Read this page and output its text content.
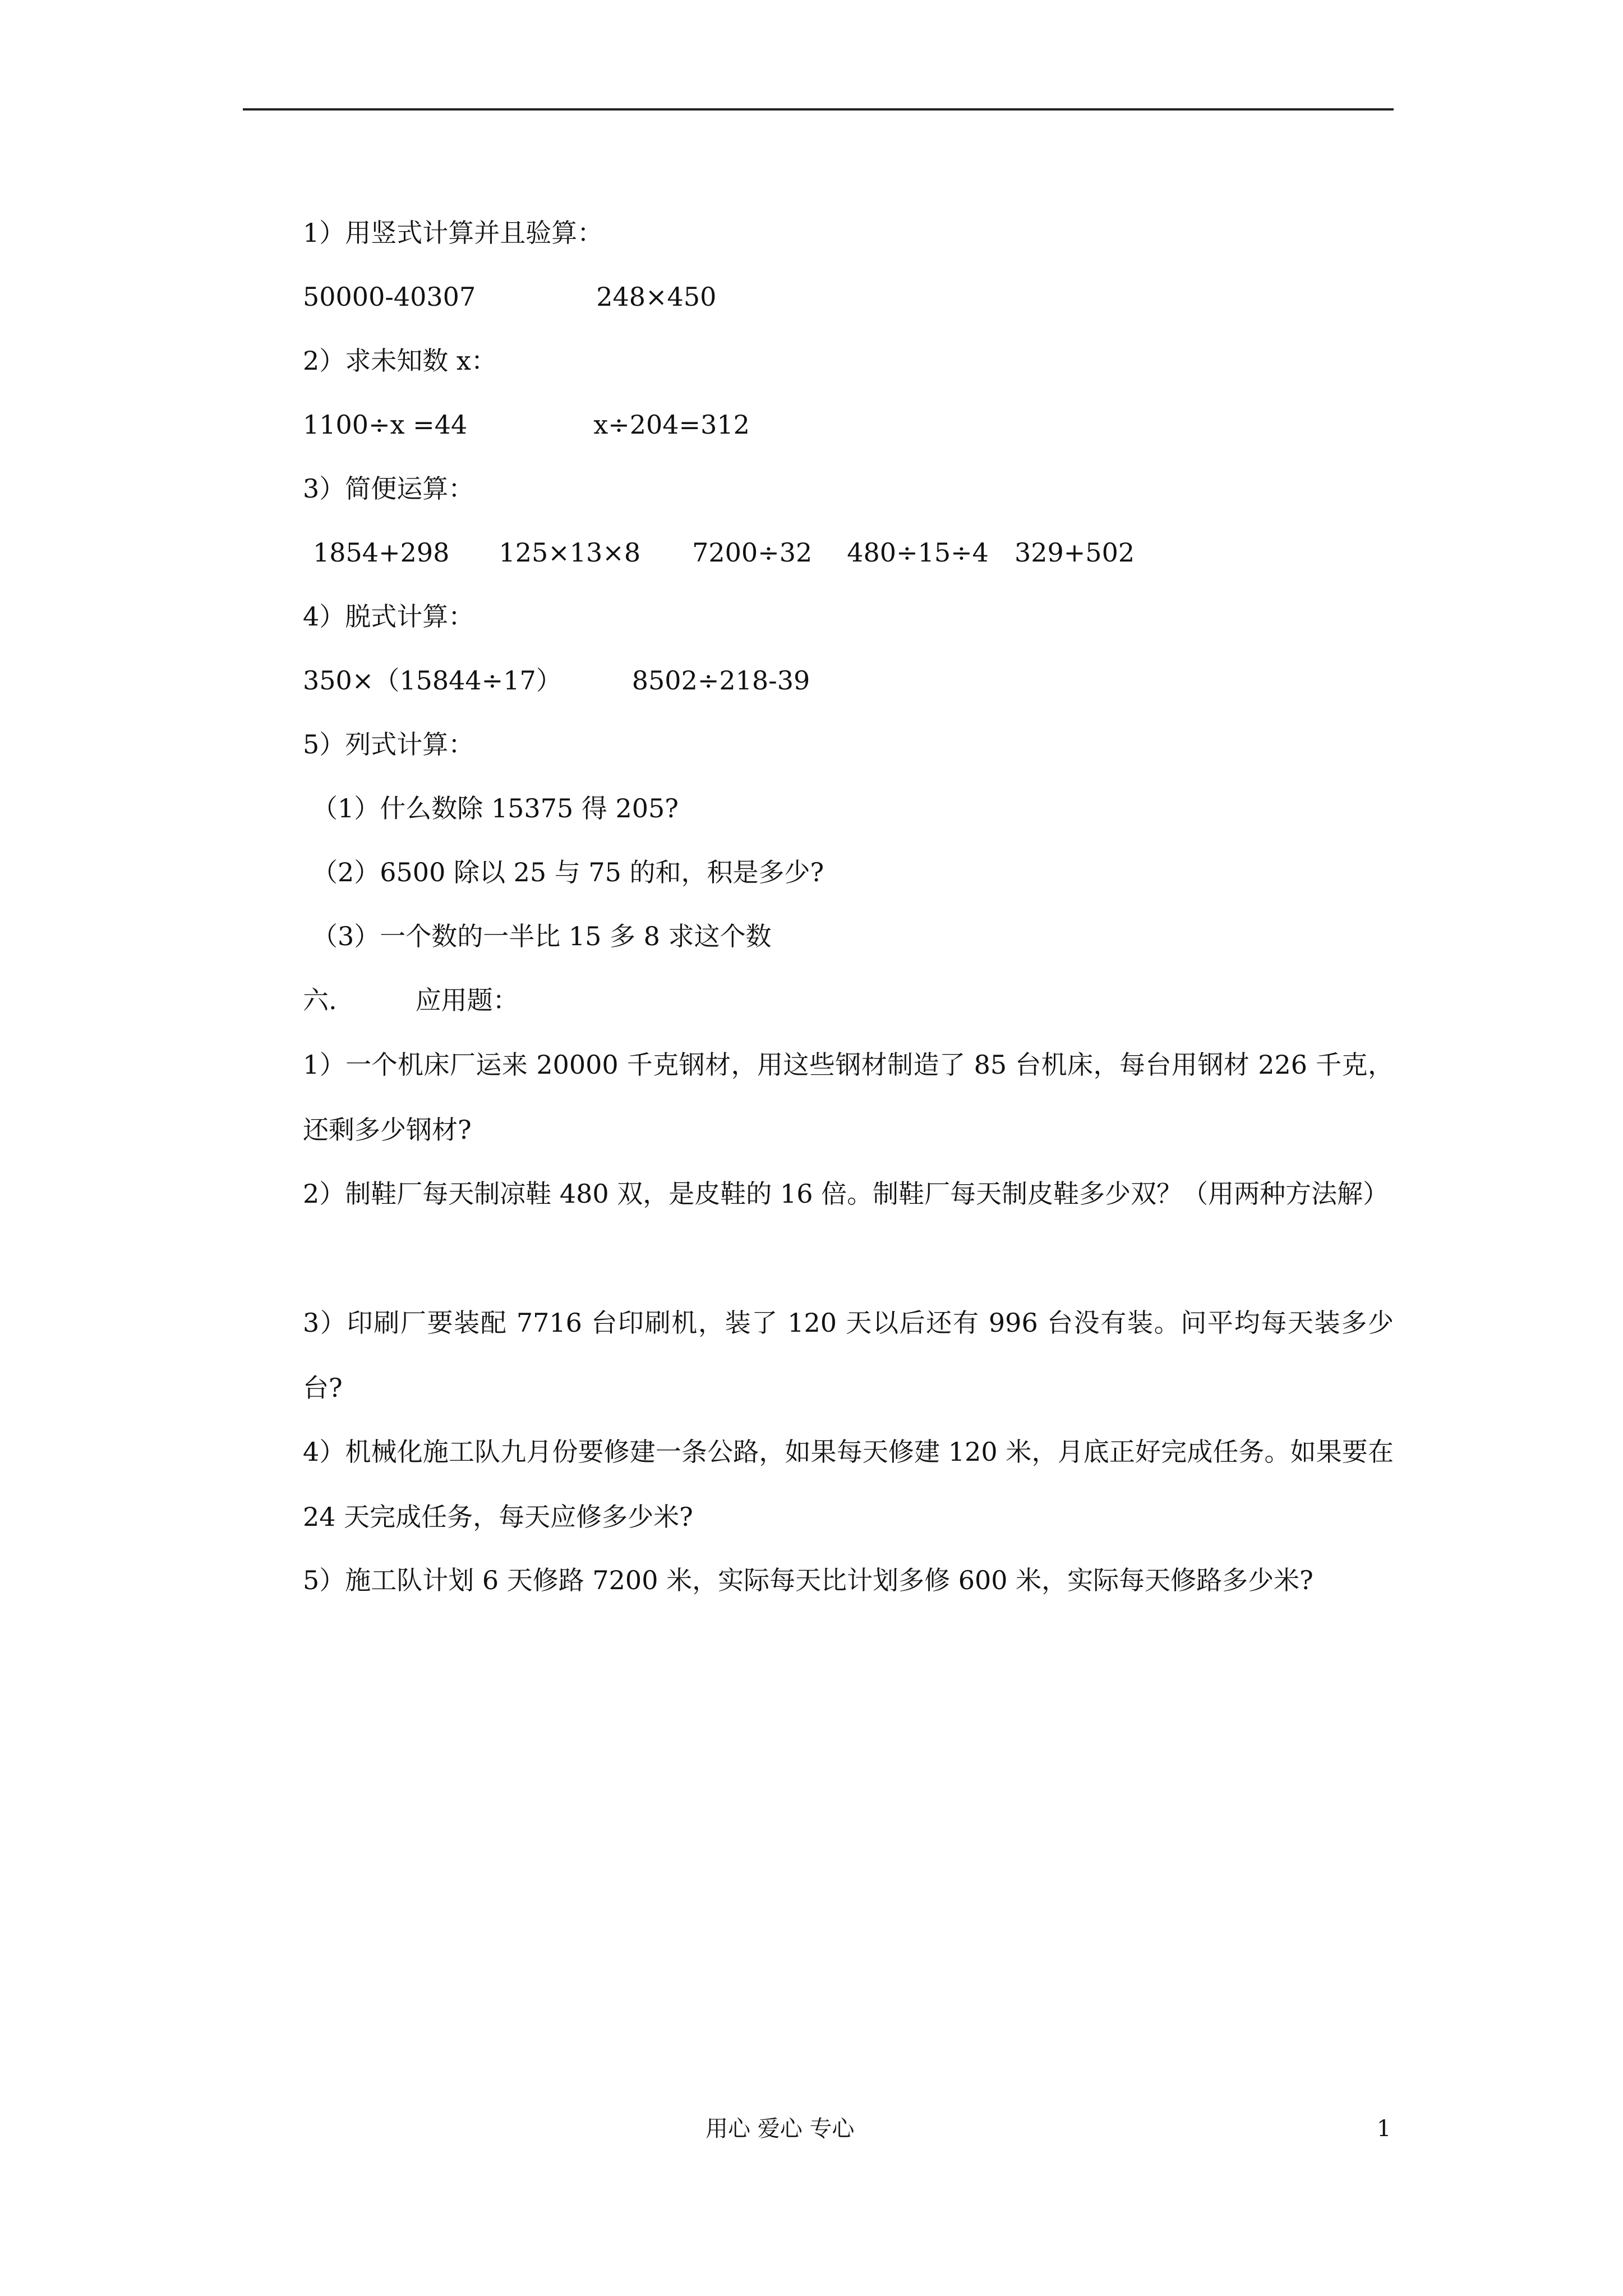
1）用竖式计算并且验算：
50000-40307	248×450
2）求未知数 x：
1100÷x =44	x÷204=312
3）简便运算：
1854+298 125×13×8 7200÷32 480÷15÷4 329+502
4）脱式计算：
350×（15844÷17）	8502÷218-39
5）列式计算：
（1）什么数除 15375 得 205?
（2）6500 除以 25 与 75 的和，积是多少?
（3）一个数的一半比 15 多 8 求这个数
六.	应用题：
1）一个机床厂运来 20000 千克钢材，用这些钢材制造了 85 台机床，每台用钢材 226 千克，还剩多少钢材?
2）制鞋厂每天制凉鞋 480 双，是皮鞋的 16 倍。制鞋厂每天制皮鞋多少双？（用两种方法解）
3）印刷厂要装配 7716 台印刷机，装了 120 天以后还有 996 台没有装。问平均每天装多少台?
4）机械化施工队九月份要修建一条公路，如果每天修建 120 米，月底正好完成任务。如果要在 24 天完成任务，每天应修多少米?
5）施工队计划 6 天修路 7200 米，实际每天比计划多修 600 米，实际每天修路多少米?
用心 爱心 专心	1
